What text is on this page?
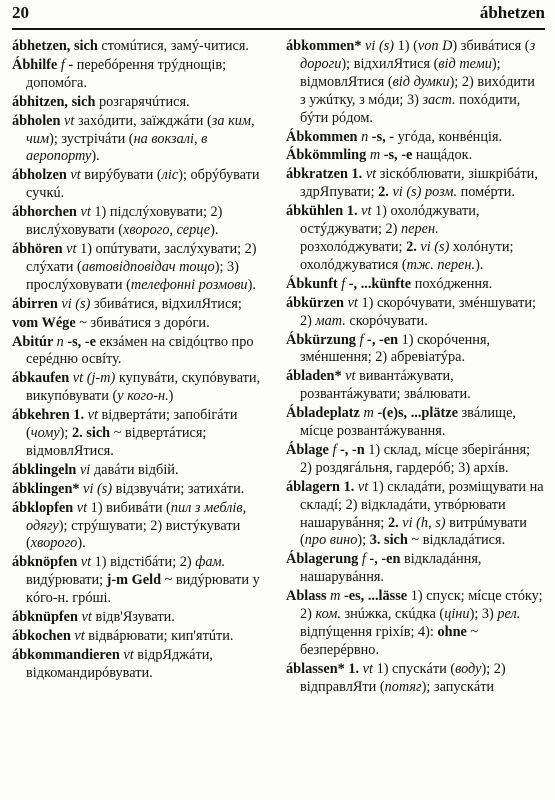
20	ábhetzen

ábhetzen, sich стомúтися, замý-читися.

Ábhilfe f - перебóрення трýднощів; допомóга.

ábhitzen, sich розгарячúтися.

ábholen vt захóдити, заїжджáти (за ким, чим); зустрічáти (на вокзалі, в аеропорту).

ábholzen vt вирýбувати (ліс); обрýбувати сучкú.

ábhorchen vt 1) підслýховувати; 2) вислýховувати (хворого, серце).

ábhören vt 1) опúтувати, заслýхувати; 2) слýхати (автовідповідач тощо); 3) прослýховувати (телефонні розмови).

ábirren vi (s) збивáтися, відхилЯтися;

vom Wége ~ збивáтися з дорóги.

Abitúr n -s, -e екзáмен на свідóцтво про серéдню освíту.

ábkaufen vt (j-m) купувáти, скупóвувати, викупóвувати (у кого-н.)

ábkehren 1. vt відвертáти; запобігáти (чому); 2. sich ~ відвертáтися; відмовлЯтися.

ábklingeln vi давáти відбій.

ábklingen* vi (s) відзвучáти; затихáти.

ábklopfen vt 1) вибивáти (пил з меблів, одягу); стрýшувати; 2) вистýкувати (хворого).

ábknöpfen vt 1) відстібáти; 2) фам. видýрювати; j-m Geld ~ видýрювати у кóго-н. грóші.

ábknüpfen vt відв'Язувати.

ábkochen vt відвáрювати; кип'ятúти.

ábkommandieren vt відрЯджáти, відкомандирóвувати.

ábkommen* vi (s) 1) (von D) збивáтися (з дороги); відхилЯтися (від теми); відмовлЯтися (від думки); 2) вихóдити з ужúтку, з мóди; 3) заст. похóдити, бýти рóдом.

Ábkommen n -s, - угóда, конвéнція.

Ábkömmling m -s, -e нащáдок.

ábkratzen 1. vt зіскóблювати, зішкрібáти, здрЯпувати; 2. vi (s) розм. помéрти.

ábkühlen 1. vt 1) охолóджувати, остýджувати; 2) перен. розхолóджувати; 2. vi (s) холóнути; охолóджуватися (тж. перен.).

Ábkunft f -, ...künfte похóдження.

ábkürzen vt 1) скорóчувати, змéншувати; 2) мат. скорóчувати.

Ábkürzung f -, -en 1) скорóчення, змéншення; 2) абревіатýра.

ábladen* vt вивантáжувати, розвантáжувати; звáлювати.

Ábladeplatz m -(e)s, ...plätze звáлище, мíсце розвантáжування.

Áblage f -, -n 1) склад, мíсце зберігáння; 2) роздягáльня, гардерóб; 3) архíв.

áblagern 1. vt 1) складáти, розміщувати на складí; 2) відкладáти, утвóрювати нашарувáння; 2. vi (h, s) витрúмувати (про вино); 3. sich ~ відкладáтися.

Áblagerung f -, -en відкладáння, нашарувáння.

Ablass m -es, ...lässe 1) спуск; мíсце стóку; 2) ком. знúжка, скúдка (ціни); 3) рел. відпýщення гріхíв; 4): ohne ~ безперéрвно.

áblassen* 1. vt 1) спускáти (воду); 2) відправлЯти (потяг); запускáти
